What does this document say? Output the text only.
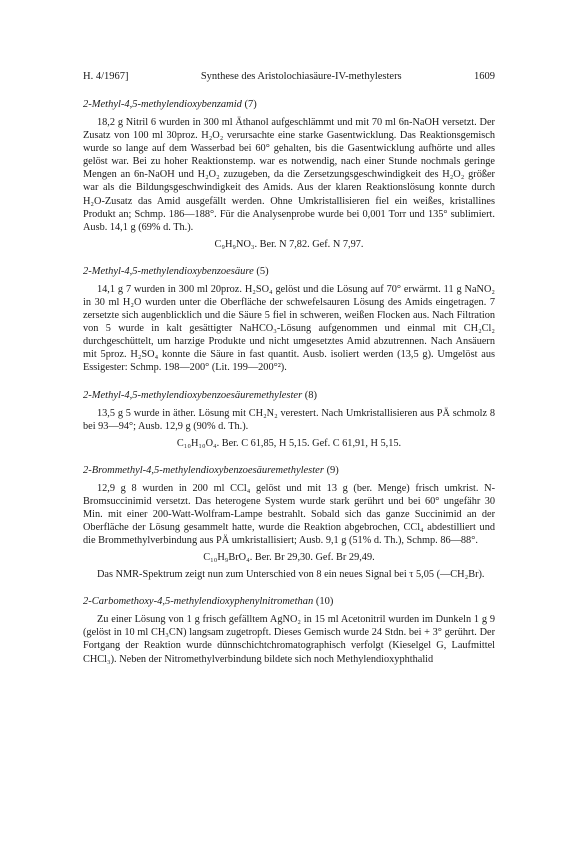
H. 4/1967]	Synthese des Aristolochiasäure-IV-methylesters	1609
2-Methyl-4,5-methylendioxybenzamid (7)
18,2 g Nitril 6 wurden in 300 ml Äthanol aufgeschlämmt und mit 70 ml 6n-NaOH versetzt. Der Zusatz von 100 ml 30proz. H₂O₂ verursachte eine starke Gasentwicklung. Das Reaktionsgemisch wurde so lange auf dem Wasserbad bei 60° gehalten, bis die Gasentwicklung aufhörte und alles gelöst war. Bei zu hoher Reaktionstemp. war es notwendig, nach einer Stunde nochmals geringe Mengen an 6n-NaOH und H₂O₂ zuzugeben, da die Zersetzungsgeschwindigkeit des H₂O₂ größer war als die Bildungsgeschwindigkeit des Amids. Aus der klaren Reaktionslösung konnte durch H₂O-Zusatz das Amid ausgefällt werden. Ohne Umkristallisieren fiel ein weißes, kristallines Produkt an; Schmp. 186—188°. Für die Analysenprobe wurde bei 0,001 Torr und 135° sublimiert. Ausb. 14,1 g (69% d. Th.).
C₉H₉NO₃. Ber. N 7,82. Gef. N 7,97.
2-Methyl-4,5-methylendioxybenzoesäure (5)
14,1 g 7 wurden in 300 ml 20proz. H₂SO₄ gelöst und die Lösung auf 70° erwärmt. 11 g NaNO₂ in 30 ml H₂O wurden unter die Oberfläche der schwefelsauren Lösung des Amids eingetragen. 7 zersetzte sich augenblicklich und die Säure 5 fiel in schweren, weißen Flocken aus. Nach Filtration von 5 wurde in kalt gesättigter NaHCO₃-Lösung aufgenommen und einmal mit CH₂Cl₂ durchgeschüttelt, um harzige Produkte und nicht umgesetztes Amid abzutrennen. Nach Ansäuern mit 5proz. H₂SO₄ konnte die Säure in fast quantit. Ausb. isoliert werden (13,5 g). Umgelöst aus Essigester: Schmp. 198—200° (Lit. 199—200°²).
2-Methyl-4,5-methylendioxybenzoesäuremethylester (8)
13,5 g 5 wurde in äther. Lösung mit CH₂N₂ verestert. Nach Umkristallisieren aus PÄ schmolz 8 bei 93—94°; Ausb. 12,9 g (90% d. Th.).
C₁₀H₁₀O₄. Ber. C 61,85, H 5,15. Gef. C 61,91, H 5,15.
2-Brommethyl-4,5-methylendioxybenzoesäuremethylester (9)
12,9 g 8 wurden in 200 ml CCl₄ gelöst und mit 13 g (ber. Menge) frisch umkrist. N-Bromsuccinimid versetzt. Das heterogene System wurde stark gerührt und bei 60° ungefähr 30 Min. mit einer 200-Watt-Wolfram-Lampe bestrahlt. Sobald sich das ganze Succinimid an der Oberfläche der Lösung gesammelt hatte, wurde die Reaktion abgebrochen, CCl₄ abdestilliert und die Brommethylverbindung aus PÄ umkristallisiert; Ausb. 9,1 g (51% d. Th.), Schmp. 86—88°.
C₁₀H₉BrO₄. Ber. Br 29,30. Gef. Br 29,49.
Das NMR-Spektrum zeigt nun zum Unterschied von 8 ein neues Signal bei τ 5,05 (—CH₂Br).
2-Carbomethoxy-4,5-methylendioxyphenylnitromethan (10)
Zu einer Lösung von 1 g frisch gefälltem AgNO₂ in 15 ml Acetonitril wurden im Dunkeln 1 g 9 (gelöst in 10 ml CH₃CN) langsam zugetropft. Dieses Gemisch wurde 24 Stdn. bei + 3° gerührt. Der Fortgang der Reaktion wurde dünnschichtchromatographisch verfolgt (Kieselgel G, Laufmittel CHCl₃). Neben der Nitromethylverbindung bildete sich noch Methylendioxyphthalid
